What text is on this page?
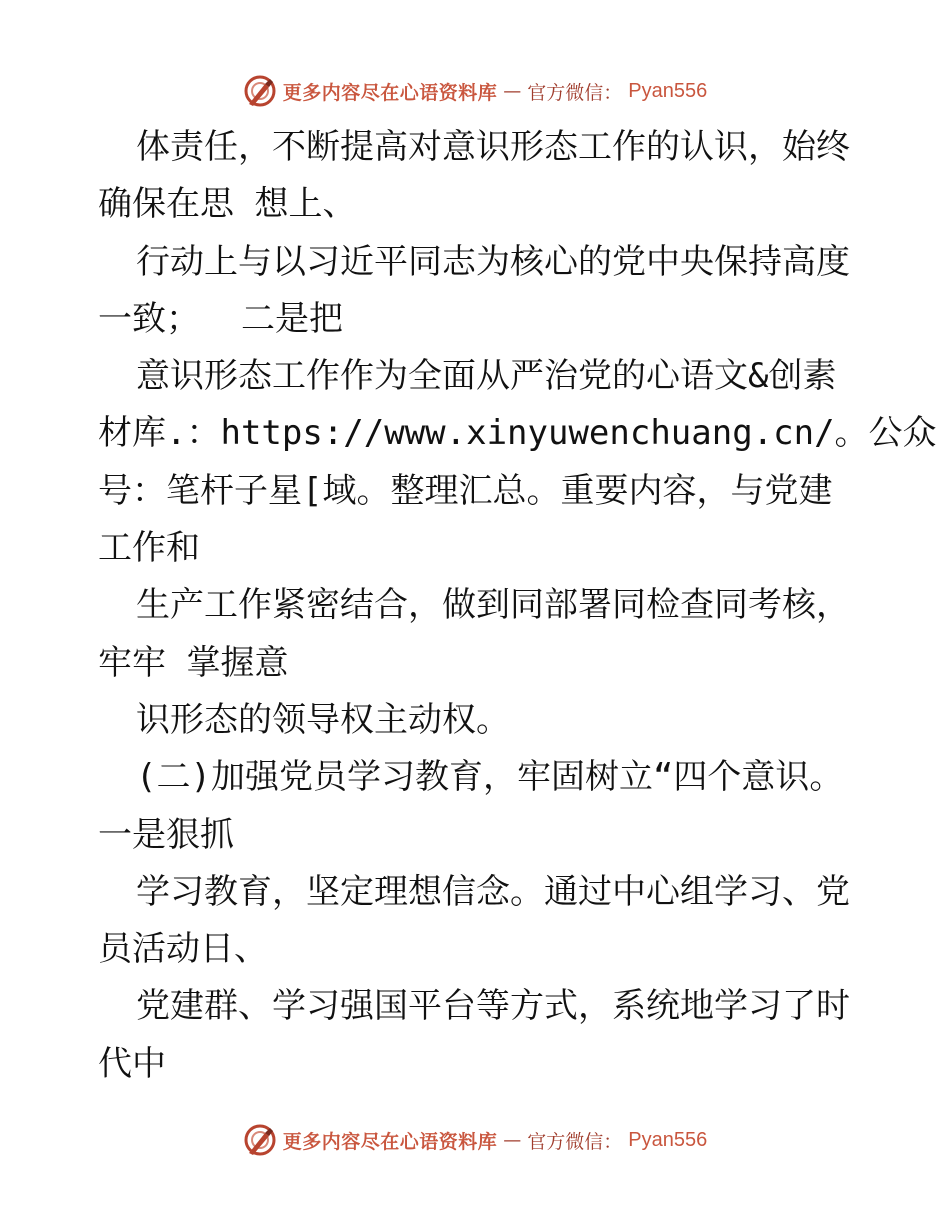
更多内容尽在心语资料库 — 官方微信： Pyan556

体责任，不断提高对意识形态工作的认识，始终

确保在思 想上、

行动上与以习近平同志为核心的党中央保持高度

一致；  二是把

意识形态工作作为全面从严治党的心语文&创素

材库.：https://www.xinyuwenchuang.cn/。公众
号：笔杆子星[域。整理汇总。重要内容，与党建
工作和

生产工作紧密结合，做到同部署同检查同考核，

牢牢 掌握意

识形态的领导权主动权。

(二)加强党员学习教育，牢固树立“四个意识。

一是狠抓

学习教育，坚定理想信念。通过中心组学习、党

员活动日、

党建群、学习强国平台等方式，系统地学习了时

代中
更多内容尽在心语资料库 — 官方微信： Pyan556
